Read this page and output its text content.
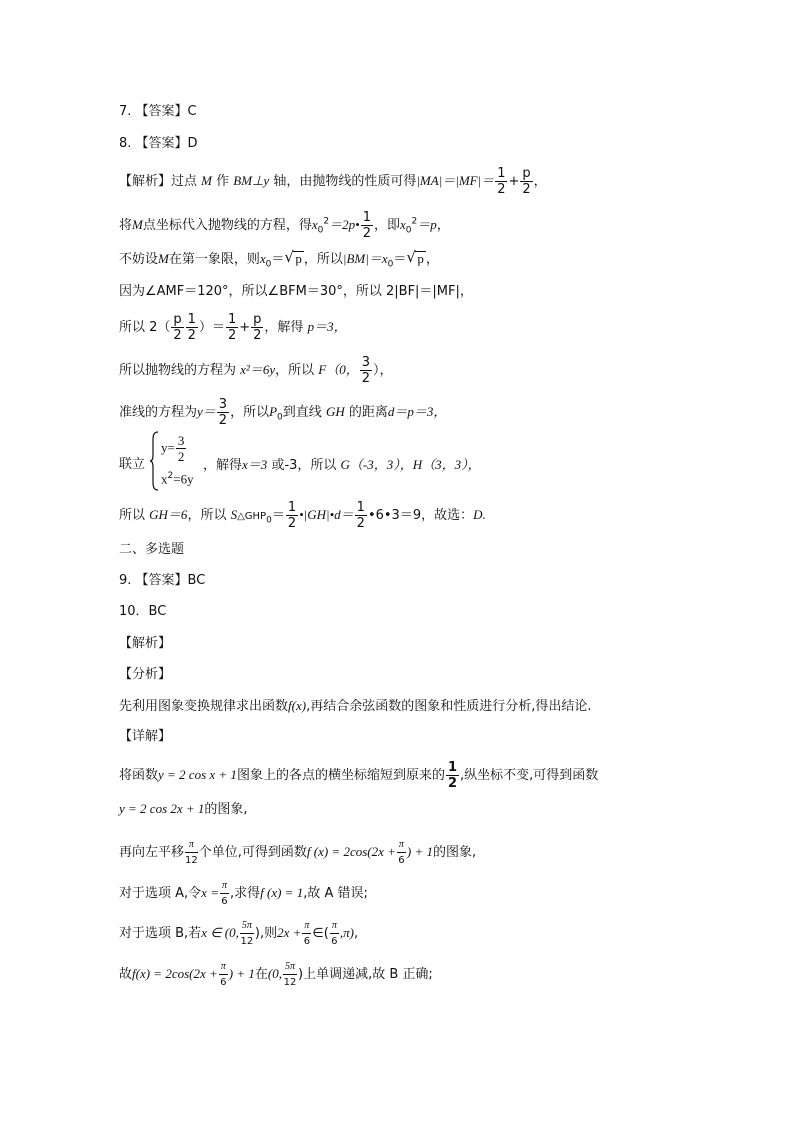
7. 【答案】C
8. 【答案】D
【解析】过点 M 作 BM⊥y 轴，由抛物线的性质可得$|MA|=|MF|= \frac{1}{2} + \frac{p}{2}$ ，
将M点坐标代入抛物线的方程，得$x_0^2=2p• \frac{1}{2}$ ，即$x_0^2=p$，
不妨设M在第一象限，则$x_0=√$ p ，所以$|BM|=x_0=√$ p ，
因为∠AMF＝120°，所以∠BFM＝30°，所以 2|BF|＝|MF|，
所以 $2( \frac{p}{2} \frac{1}{2}$ ）＝ $\frac{1}{2} + \frac{p}{2}$ ，解得 p＝3，
所以抛物线的方程为 x²＝6y，所以 F（0， $\frac{3}{2}$ ），
准线的方程为$y= \frac{3}{2}$ ，所以$P_0$到直线 GH 的距离d＝p＝3，
联立
$y= \frac{3}{2}$
$x^2=6y$
，解得x＝3 或-3，所以 G（-3，3），H（3，3），
所以 GH＝6，所以 $S\triangle GHP_0= \frac{1}{2}$ •|GH|•d＝ $\frac{1}{2}$ •6•3＝9，故选：D.
二、多选题
9. 【答案】BC
10．BC
【解析】
【分析】
先利用图象变换规律求出函数f(x),再结合余弦函数的图象和性质进行分析,得出结论.
【详解】
将函数y = 2 cos x + 1图象上的各点的横坐标缩短到原来的 $\frac{1}{2}$ ,纵坐标不变,可得到函数
y = 2 cos 2x + 1的图象,
再向左平移 $\frac{\pi}{12}$ 个单位,可得到函数f $(x) = 2\cos(2x + \frac{\pi}{6}$ ) + 1的图象,
对于选项 A,令$x = \frac{\pi}{6}$ ,求得f (x) = 1,故 A 错误;
对于选项 B,若x ∈ (0, $\frac{5\pi}{12}$ ),则$2x + \frac{\pi}{6}$ ∈( $\frac{\pi}{6} ,\pi$),
故$f(x) = 2\cos(2x + \frac{\pi}{6}$ ) + 1在(0, $\frac{5\pi}{12}$ )上单调递减,故 B 正确;
